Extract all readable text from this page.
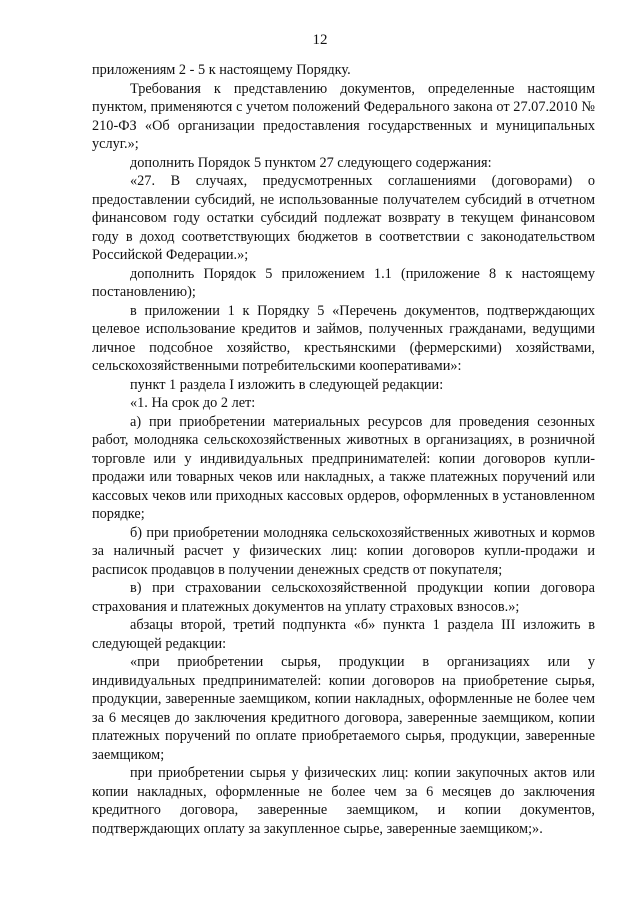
12

приложениям 2 - 5 к настоящему Порядку.

Требования к представлению документов, определенные настоящим пунктом, применяются с учетом положений Федерального закона от 27.07.2010 № 210-ФЗ «Об организации предоставления государственных и муниципальных услуг.»;

дополнить Порядок 5 пунктом 27 следующего содержания:

«27. В случаях, предусмотренных соглашениями (договорами) о предоставлении субсидий, не использованные получателем субсидий в отчетном финансовом году остатки субсидий подлежат возврату в текущем финансовом году в доход соответствующих бюджетов в соответствии с законодательством Российской Федерации.»;

дополнить Порядок 5 приложением 1.1 (приложение 8 к настоящему постановлению);

в приложении 1 к Порядку 5 «Перечень документов, подтверждающих целевое использование кредитов и займов, полученных гражданами, ведущими личное подсобное хозяйство, крестьянскими (фермерскими) хозяйствами, сельскохозяйственными потребительскими кооперативами»:

пункт 1 раздела I изложить в следующей редакции:

«1. На срок до 2 лет:

а) при приобретении материальных ресурсов для проведения сезонных работ, молодняка сельскохозяйственных животных в организациях, в розничной торговле или у индивидуальных предпринимателей: копии договоров купли-продажи или товарных чеков или накладных, а также платежных поручений или кассовых чеков или приходных кассовых ордеров, оформленных в установленном порядке;

б) при приобретении молодняка сельскохозяйственных животных и кормов за наличный расчет у физических лиц: копии договоров купли-продажи и расписок продавцов в получении денежных средств от покупателя;

в) при страховании сельскохозяйственной продукции копии договора страхования и платежных документов на уплату страховых взносов.»;

абзацы второй, третий подпункта «б» пункта 1 раздела III изложить в следующей редакции:

«при приобретении сырья, продукции в организациях или у индивидуальных предпринимателей: копии договоров на приобретение сырья, продукции, заверенные заемщиком, копии накладных, оформленные не более чем за 6 месяцев до заключения кредитного договора, заверенные заемщиком, копии платежных поручений по оплате приобретаемого сырья, продукции, заверенные заемщиком;

при приобретении сырья у физических лиц: копии закупочных актов или копии накладных, оформленные не более чем за 6 месяцев до заключения кредитного договора, заверенные заемщиком, и копии документов, подтверждающих оплату за закупленное сырье, заверенные заемщиком;».
